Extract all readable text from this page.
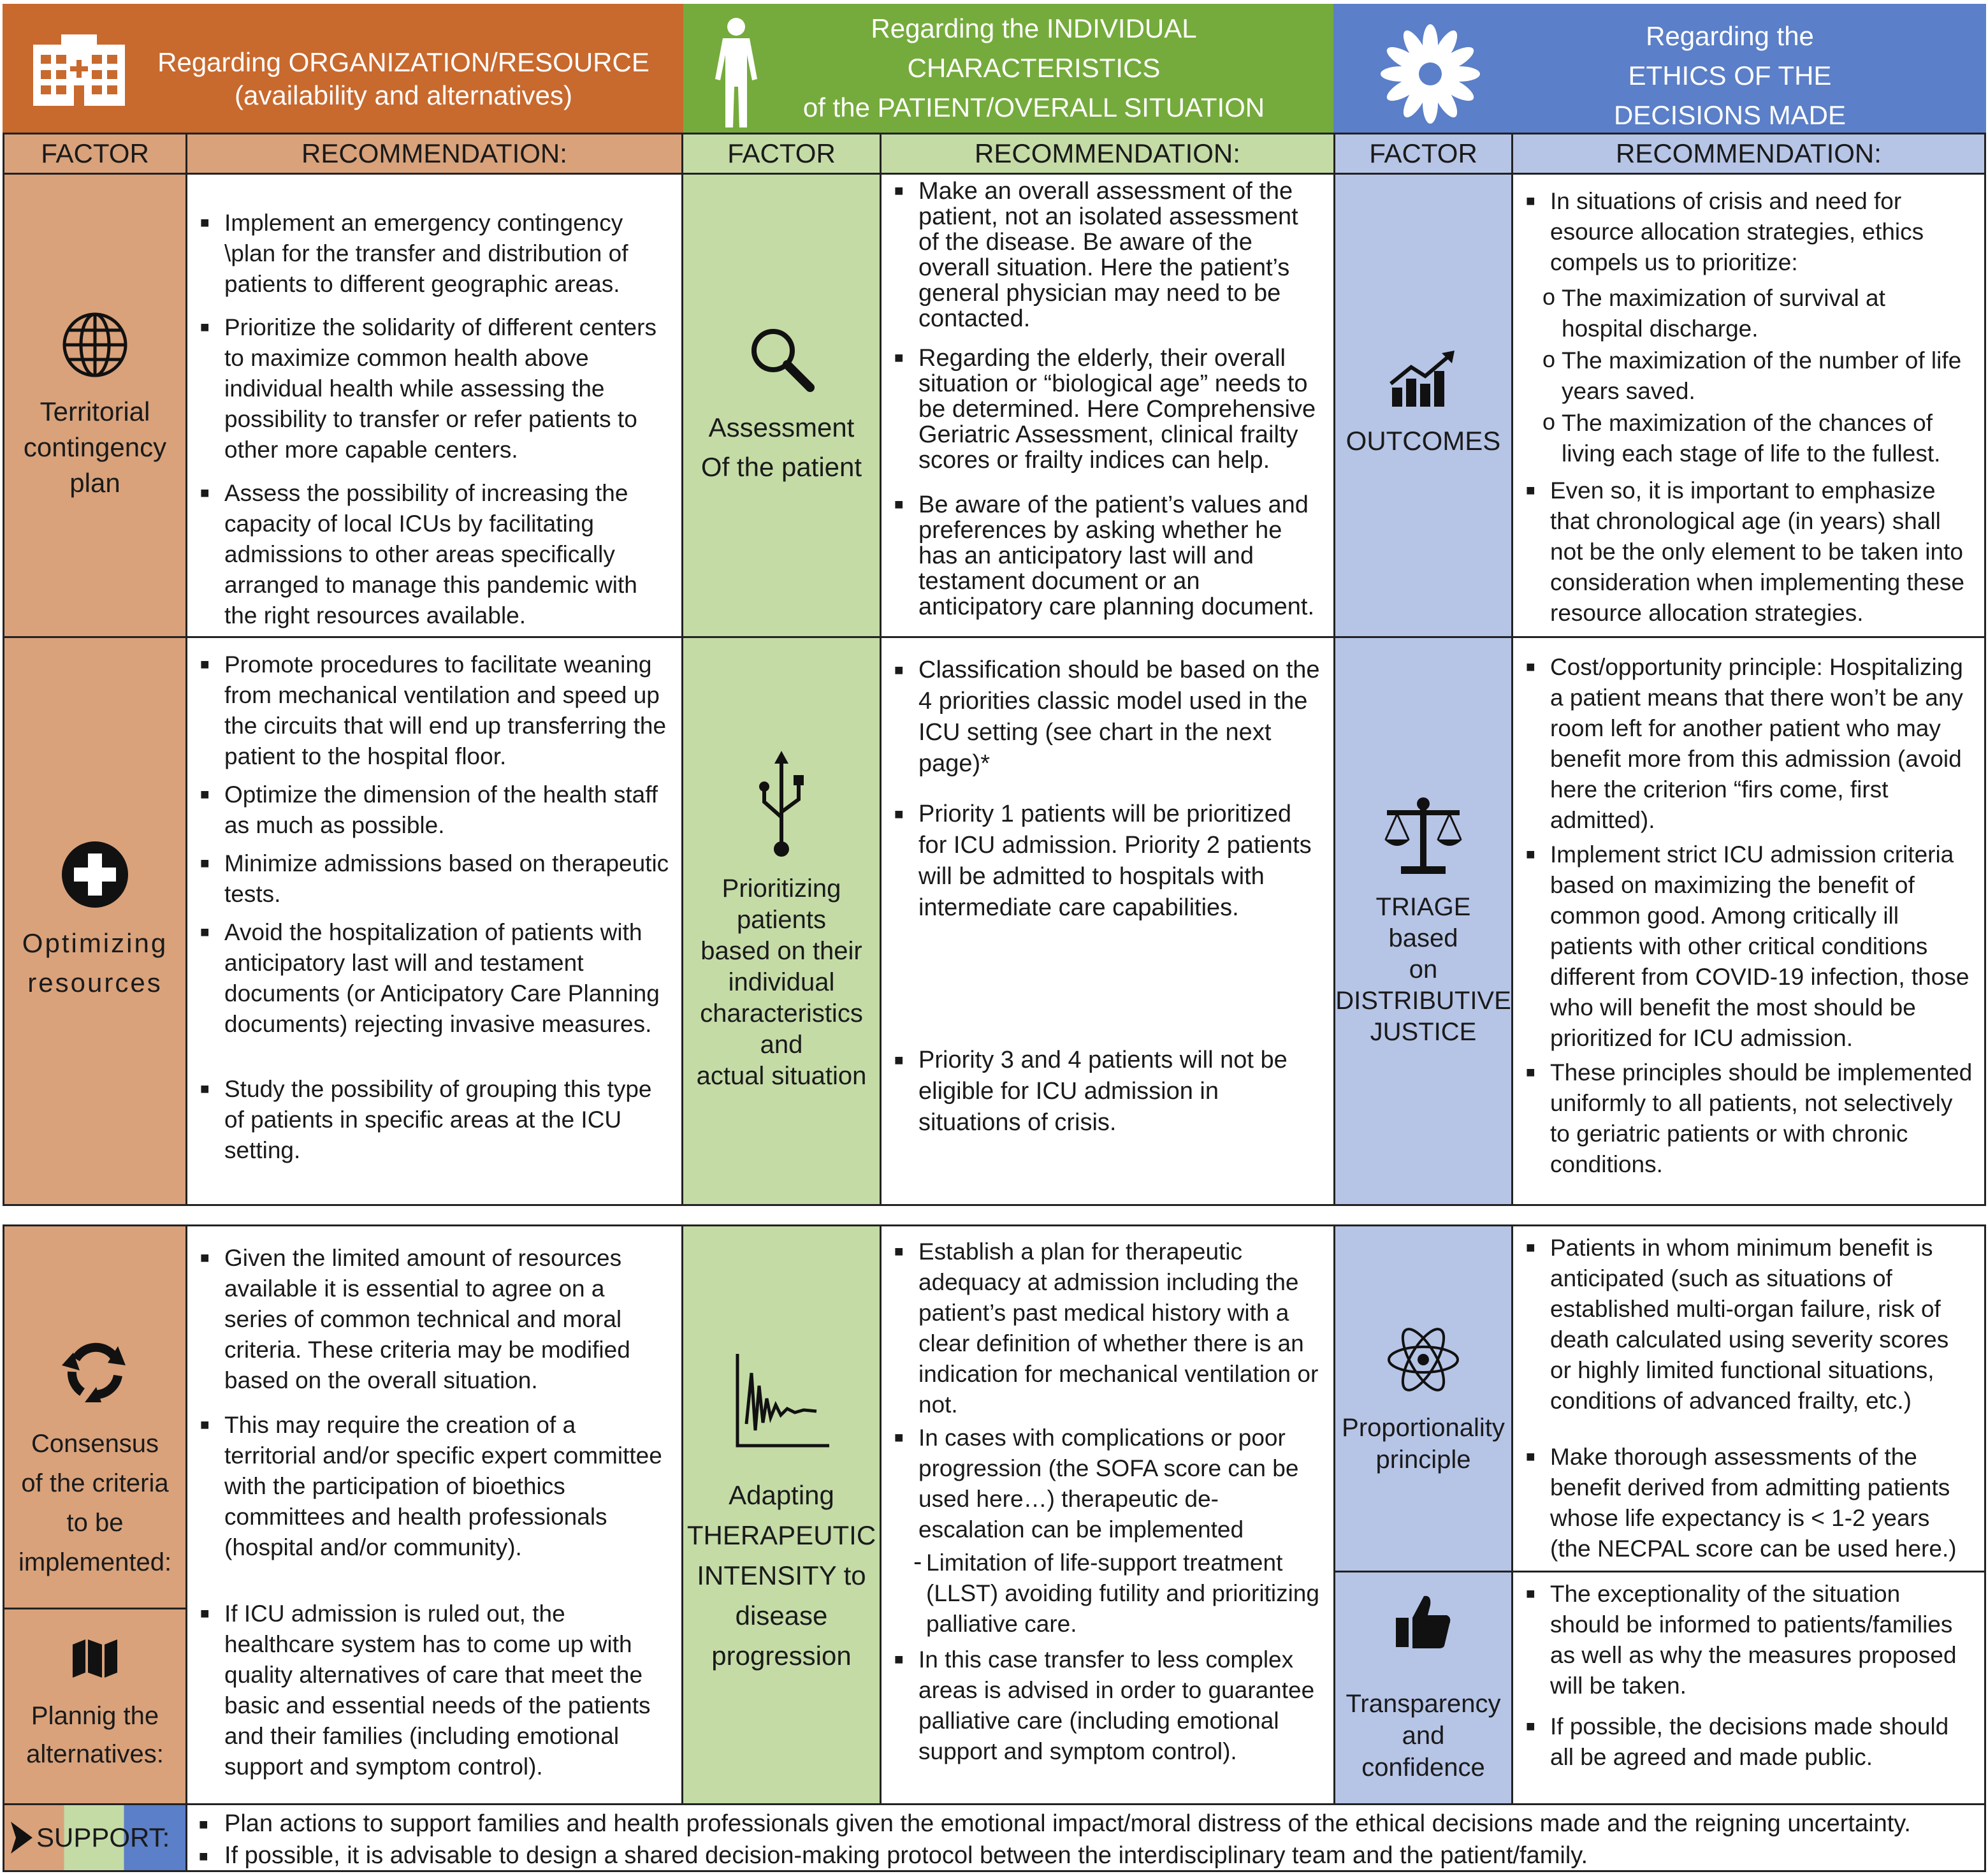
Regarding ORGANIZATION/RESOURCE
(availability and alternatives)
Regarding the INDIVIDUAL
CHARACTERISTICS
of the PATIENT/OVERALL SITUATION
Regarding the
ETHICS OF THE
DECISIONS MADE
FACTOR	RECOMMENDATION:	FACTOR	RECOMMENDATION:	FACTOR	RECOMMENDATION:
Territorial
contingency
plan
■ Implement an emergency contingency \plan for the transfer and distribution of patients to different geographic areas.
■ Prioritize the solidarity of different centers to maximize common health above individual health while assessing the possibility to transfer or refer patients to other more capable centers.
■ Assess the possibility of increasing the capacity of local ICUs by facilitating admissions to other areas specifically arranged to manage this pandemic with the right resources available.
Assessment
Of the patient
■ Make an overall assessment of the patient, not an isolated assessment of the disease. Be aware of the overall situation. Here the patient’s general physician may need to be contacted.
■ Regarding the elderly, their overall situation or “biological age” needs to be determined. Here Comprehensive Geriatric Assessment, clinical frailty scores or frailty indices can help.
■ Be aware of the patient’s values and preferences by asking whether he has an anticipatory last will and testament document or an anticipatory care planning document.
OUTCOMES
■ In situations of crisis and need for esource allocation strategies, ethics compels us to prioritize:
o The maximization of survival at hospital discharge.
o The maximization of the number of life years saved.
o The maximization of the chances of living each stage of life to the fullest.
■ Even so, it is important to emphasize that chronological age (in years) shall not be the only element to be taken into consideration when implementing these resource allocation strategies.
Optimizing
resources
■ Promote procedures to facilitate weaning from mechanical ventilation and speed up the circuits that will end up transferring the patient to the hospital floor.
■ Optimize the dimension of the health staff as much as possible.
■ Minimize admissions based on therapeutic tests.
■ Avoid the hospitalization of patients with anticipatory last will and testament documents (or Anticipatory Care Planning documents) rejecting invasive measures.
■ Study the possibility of grouping this type of patients in specific areas at the ICU setting.
Prioritizing
patients
based on their
individual
characteristics
and
actual situation
■ Classification should be based on the 4 priorities classic model used in the ICU setting (see chart in the next page)*
■ Priority 1 patients will be prioritized for ICU admission. Priority 2 patients will be admitted to hospitals with intermediate care capabilities.
■ Priority 3 and 4 patients will not be eligible for ICU admission in situations of crisis.
TRIAGE
based
on
DISTRIBUTIVE
JUSTICE
■ Cost/opportunity principle: Hospitalizing a patient means that there won’t be any room left for another patient who may benefit more from this admission (avoid here the criterion “firs come, first admitted).
■ Implement strict ICU admission criteria based on maximizing the benefit of common good. Among critically ill patients with other critical conditions different from COVID-19 infection, those who will benefit the most should be prioritized for ICU admission.
■ These principles should be implemented uniformly to all patients, not selectively to geriatric patients or with chronic conditions.
Consensus
of the criteria
to be
implemented:
Plannig the
alternatives:
■ Given the limited amount of resources available it is essential to agree on a series of common technical and moral criteria. These criteria may be modified based on the overall situation.
■ This may require the creation of a territorial and/or specific expert committee with the participation of bioethics committees and health professionals (hospital and/or community).
■ If ICU admission is ruled out, the healthcare system has to come up with quality alternatives of care that meet the basic and essential needs of the patients and their families (including emotional support and symptom control).
Adapting
THERAPEUTIC
INTENSITY to
disease
progression
■ Establish a plan for therapeutic adequacy at admission including the patient’s past medical history with a clear definition of whether there is an indication for mechanical ventilation or not.
■ In cases with complications or poor progression (the SOFA score can be used here…) therapeutic de-escalation can be implemented
- Limitation of life-support treatment (LLST) avoiding futility and prioritizing palliative care.
■ In this case transfer to less complex areas is advised in order to guarantee palliative care (including emotional support and symptom control).
Proportionality
principle
■ Patients in whom minimum benefit is anticipated (such as situations of established multi-organ failure, risk of death calculated using severity scores or highly limited functional situations, conditions of advanced frailty, etc.)
■ Make thorough assessments of the benefit derived from admitting patients whose life expectancy is < 1-2 years (the NECPAL score can be used here.)
Transparency
and confidence
■ The exceptionality of the situation should be informed to patients/families as well as why the measures proposed will be taken.
■ If possible, the decisions made should all be agreed and made public.
SUPPORT:
■	Plan actions to support families and health professionals given the emotional impact/moral distress of the ethical decisions made and the reigning uncertainty.
■ If possible, it is advisable to design a shared decision-making protocol between the interdisciplinary team and the patient/family.
